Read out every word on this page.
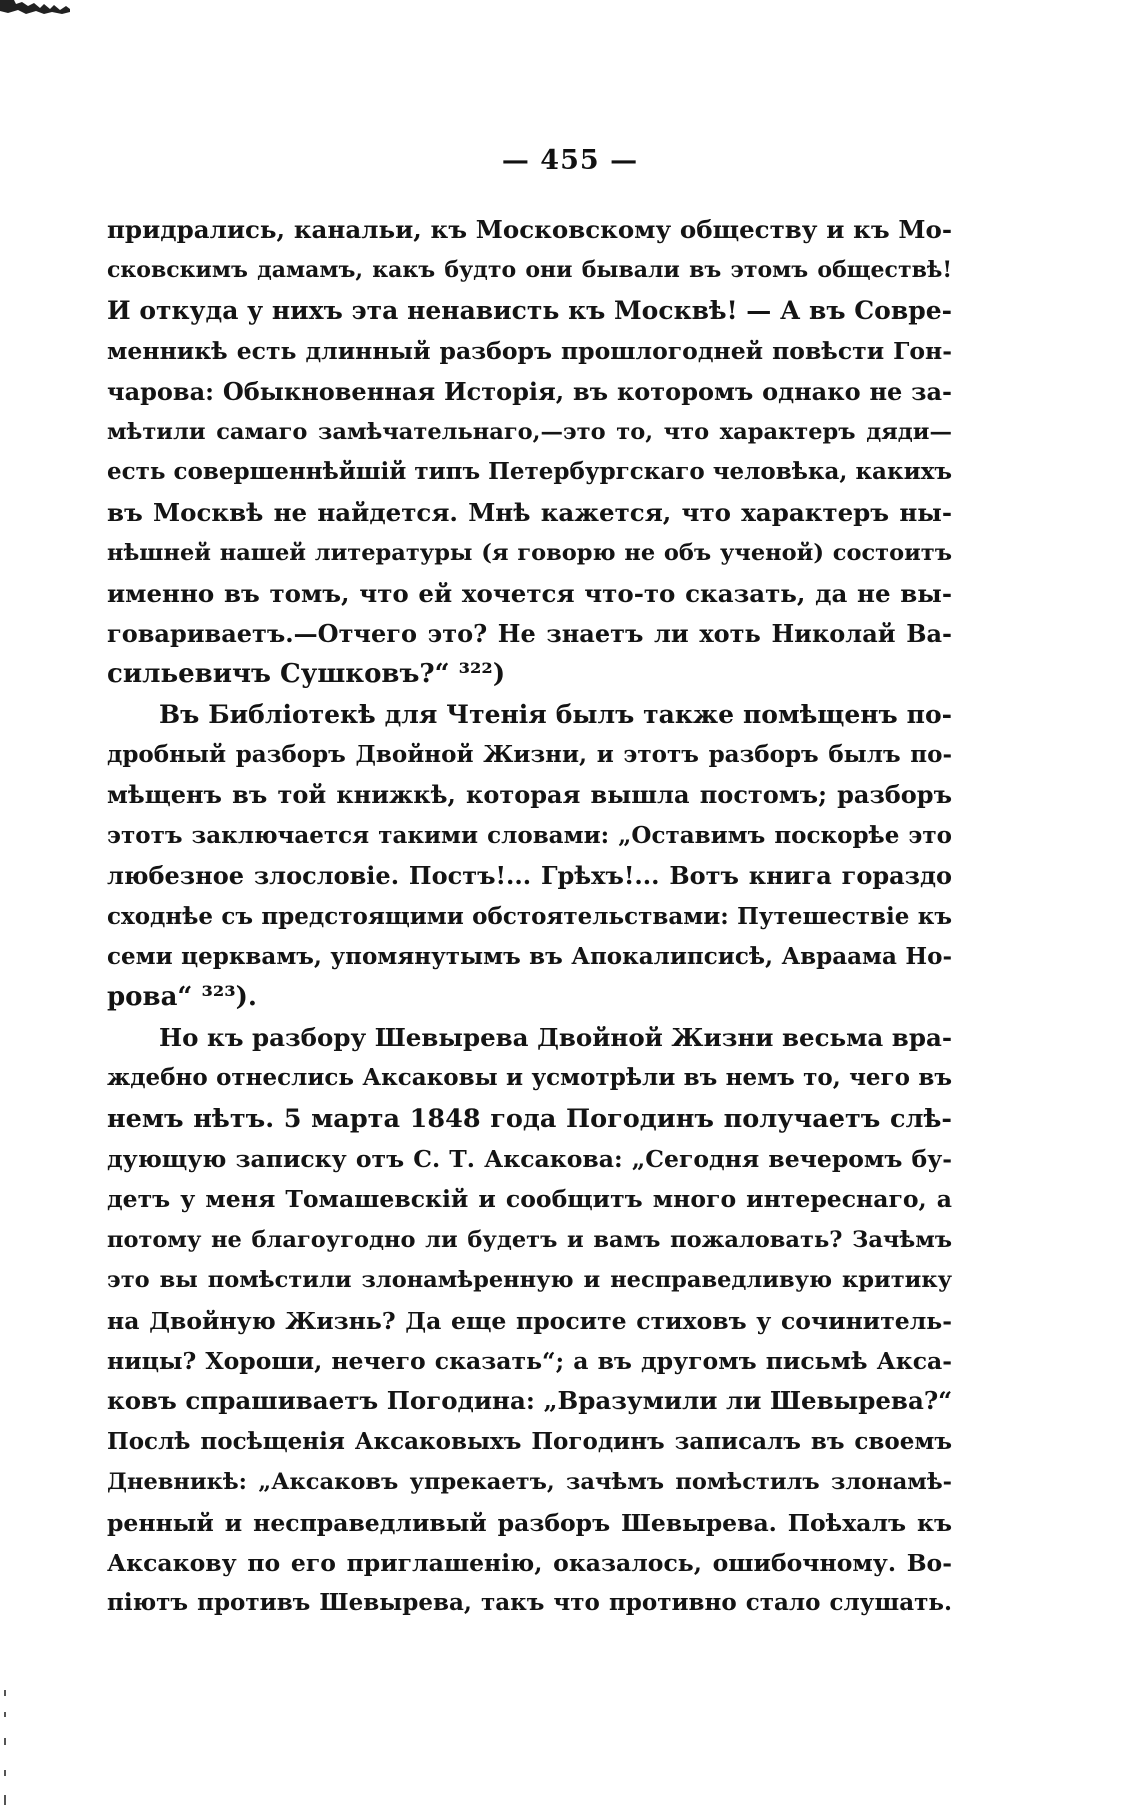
— 455 —
придрались, канальи, къ Московскому обществу и къ Мо-
сковскимъ дамамъ, какъ будто они бывали въ этомъ обществѣ!
И откуда у нихъ эта ненависть къ Москвѣ! — А въ Совре-
менникѣ есть длинный разборъ прошлогодней повѣсти Гон-
чарова: Обыкновенная Исторія, въ которомъ однако не за-
мѣтили самаго замѣчательнаго,—это то, что характеръ дяди—
есть совершеннѣйшій типъ Петербургскаго человѣка, какихъ
въ Москвѣ не найдется. Мнѣ кажется, что характеръ ны-
нѣшней нашей литературы (я говорю не объ ученой) состоитъ
именно въ томъ, что ей хочется что-то сказать, да не вы-
говариваетъ.—Отчего это? Не знаетъ ли хоть Николай Ва-
сильевичъ Сушковъ?“ ³²²)
Въ Библіотекѣ для Чтенія былъ также помѣщенъ по-
дробный разборъ Двойной Жизни, и этотъ разборъ былъ по-
мѣщенъ въ той книжкѣ, которая вышла постомъ; разборъ
этотъ заключается такими словами: „Оставимъ поскорѣе это
любезное злословіе. Постъ!... Грѣхъ!... Вотъ книга гораздо
сходнѣе съ предстоящими обстоятельствами: Путешествіе къ
семи церквамъ, упомянутымъ въ Апокалипсисѣ, Авраама Но-
рова“ ³²³).
Но къ разбору Шевырева Двойной Жизни весьма вра-
ждебно отнеслись Аксаковы и усмотрѣли въ немъ то, чего въ
немъ нѣтъ. 5 марта 1848 года Погодинъ получаетъ слѣ-
дующую записку отъ С. Т. Аксакова: „Сегодня вечеромъ бу-
детъ у меня Томашевскій и сообщитъ много интереснаго, а
потому не благоугодно ли будетъ и вамъ пожаловать? Зачѣмъ
это вы помѣстили злонамѣренную и несправедливую критику
на Двойную Жизнь? Да еще просите стиховъ у сочинитель-
ницы? Хороши, нечего сказать“; а въ другомъ письмѣ Акса-
ковъ спрашиваетъ Погодина: „Вразумили ли Шевырева?“
Послѣ посѣщенія Аксаковыхъ Погодинъ записалъ въ своемъ
Дневникѣ: „Аксаковъ упрекаетъ, зачѣмъ помѣстилъ злонамѣ-
ренный и несправедливый разборъ Шевырева. Поѣхалъ къ
Аксакову по его приглашенію, оказалось, ошибочному. Во-
піютъ противъ Шевырева, такъ что противно стало слушать.
